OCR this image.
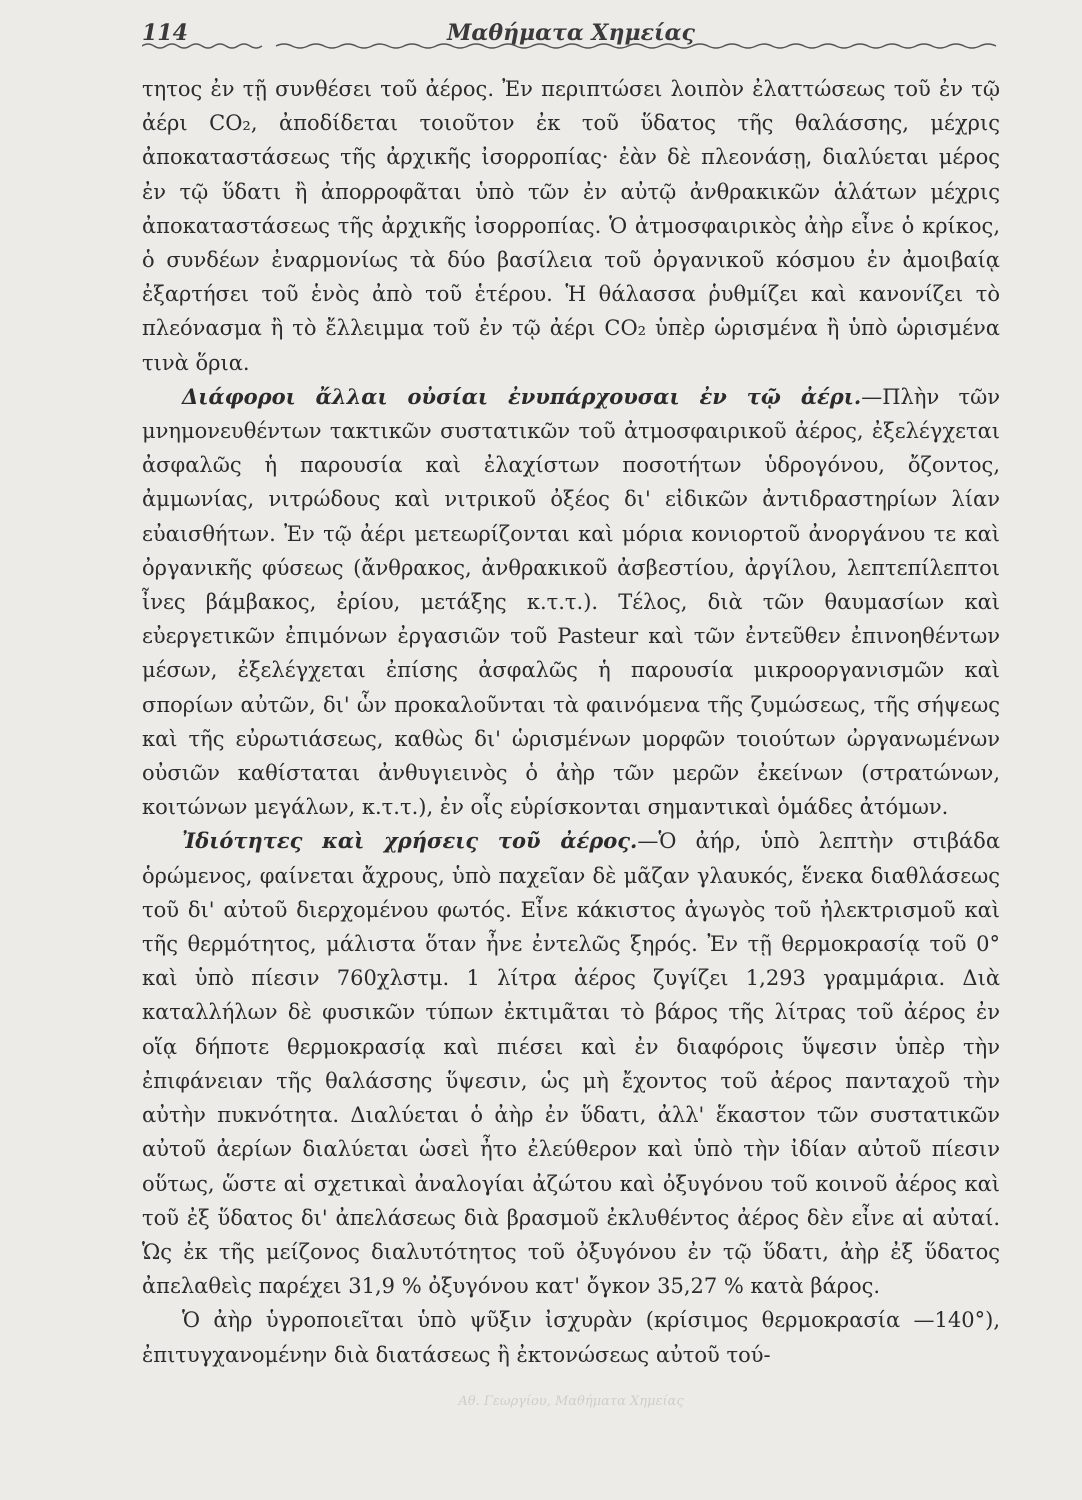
114	Μαθήματα Χημείας

τητος ἐν τῇ συνθέσει τοῦ ἀέρος. Ἐν περιπτώσει λοιπὸν ἐλαττώσεως τοῦ ἐν τῷ ἀέρι CO₂, ἀποδίδεται τοιοῦτον ἐκ τοῦ ὕδατος τῆς θαλάσσης, μέχρις ἀποκαταστάσεως τῆς ἀρχικῆς ἰσορροπίας· ἐὰν δὲ πλεονάσῃ, διαλύεται μέρος ἐν τῷ ὕδατι ἢ ἀπορροφᾶται ὑπὸ τῶν ἐν αὐτῷ ἀνθρακικῶν ἁλάτων μέχρις ἀποκαταστάσεως τῆς ἀρχικῆς ἰσορροπίας. Ὁ ἀτμοσφαιρικὸς ἀὴρ εἶνε ὁ κρίκος, ὁ συνδέων ἐναρμονίως τὰ δύο βασίλεια τοῦ ὀργανικοῦ κόσμου ἐν ἀμοιβαίᾳ ἐξαρτήσει τοῦ ἑνὸς ἀπὸ τοῦ ἑτέρου. Ἡ θάλασσα ῥυθμίζει καὶ κανονίζει τὸ πλεόνασμα ἢ τὸ ἔλλειμμα τοῦ ἐν τῷ ἀέρι CO₂ ὑπὲρ ὡρισμένα ἢ ὑπὸ ὡρισμένα τινὰ ὅρια.

Διάφοροι ἄλλαι οὐσίαι ἐνυπάρχουσαι ἐν τῷ ἀέρι.—Πλὴν τῶν μνημονευθέντων τακτικῶν συστατικῶν τοῦ ἀτμοσφαιρικοῦ ἀέρος, ἐξελέγχεται ἀσφαλῶς ἡ παρουσία καὶ ἐλαχίστων ποσοτήτων ὑδρογόνου, ὄζοντος, ἀμμωνίας, νιτρώδους καὶ νιτρικοῦ ὀξέος δι' εἰδικῶν ἀντιδραστηρίων λίαν εὐαισθήτων. Ἐν τῷ ἀέρι μετεωρίζονται καὶ μόρια κονιορτοῦ ἀνοργάνου τε καὶ ὀργανικῆς φύσεως (ἄνθρακος, ἀνθρακικοῦ ἀσβεστίου, ἀργίλου, λεπτεπίλεπτοι ἶνες βάμβακος, ἐρίου, μετάξης κ.τ.τ.). Τέλος, διὰ τῶν θαυμασίων καὶ εὐεργετικῶν ἐπιμόνων ἐργασιῶν τοῦ Pasteur καὶ τῶν ἐντεῦθεν ἐπινοηθέντων μέσων, ἐξελέγχεται ἐπίσης ἀσφαλῶς ἡ παρουσία μικροοργανισμῶν καὶ σπορίων αὐτῶν, δι' ὧν προκαλοῦνται τὰ φαινόμενα τῆς ζυμώσεως, τῆς σήψεως καὶ τῆς εὐρωτιάσεως, καθὼς δι' ὡρισμένων μορφῶν τοιούτων ὠργανωμένων οὐσιῶν καθίσταται ἀνθυγιεινὸς ὁ ἀὴρ τῶν μερῶν ἐκείνων (στρατώνων, κοιτώνων μεγάλων, κ.τ.τ.), ἐν οἷς εὑρίσκονται σημαντικαὶ ὁμάδες ἀτόμων.

Ἰδιότητες καὶ χρήσεις τοῦ ἀέρος.—Ὁ ἀήρ, ὑπὸ λεπτὴν στιβάδα ὁρώμενος, φαίνεται ἄχρους, ὑπὸ παχεῖαν δὲ μᾶζαν γλαυκός, ἕνεκα διαθλάσεως τοῦ δι' αὐτοῦ διερχομένου φωτός. Εἶνε κάκιστος ἀγωγὸς τοῦ ἠλεκτρισμοῦ καὶ τῆς θερμότητος, μάλιστα ὅταν ἦνε ἐντελῶς ξηρός. Ἐν τῇ θερμοκρασίᾳ τοῦ 0° καὶ ὑπὸ πίεσιν 760χλστμ. 1 λίτρα ἀέρος ζυγίζει 1,293 γραμμάρια. Διὰ καταλλήλων δὲ φυσικῶν τύπων ἐκτιμᾶται τὸ βάρος τῆς λίτρας τοῦ ἀέρος ἐν οἵᾳ δήποτε θερμοκρασίᾳ καὶ πιέσει καὶ ἐν διαφόροις ὕψεσιν ὑπὲρ τὴν ἐπιφάνειαν τῆς θαλάσσης ὕψεσιν, ὡς μὴ ἔχοντος τοῦ ἀέρος πανταχοῦ τὴν αὐτὴν πυκνότητα. Διαλύεται ὁ ἀὴρ ἐν ὕδατι, ἀλλ' ἕκαστον τῶν συστατικῶν αὐτοῦ ἀερίων διαλύεται ὡσεὶ ἦτο ἐλεύθερον καὶ ὑπὸ τὴν ἰδίαν αὐτοῦ πίεσιν οὕτως, ὥστε αἱ σχετικαὶ ἀναλογίαι ἀζώτου καὶ ὀξυγόνου τοῦ κοινοῦ ἀέρος καὶ τοῦ ἐξ ὕδατος δι' ἀπελάσεως διὰ βρασμοῦ ἐκλυθέντος ἀέρος δὲν εἶνε αἱ αὐταί. Ὡς ἐκ τῆς μείζονος διαλυτότητος τοῦ ὀξυγόνου ἐν τῷ ὕδατι, ἀὴρ ἐξ ὕδατος ἀπελαθεὶς παρέχει 31,9 % ὀξυγόνου κατ' ὄγκον 35,27 % κατὰ βάρος.

Ὁ ἀὴρ ὑγροποιεῖται ὑπὸ ψῦξιν ἰσχυρὰν (κρίσιμος θερμοκρασία —140°), ἐπιτυγχανομένην διὰ διατάσεως ἢ ἐκτονώσεως αὐτοῦ τού-

Αθ. Γεωργίου, Μαθήματα Χημείας
